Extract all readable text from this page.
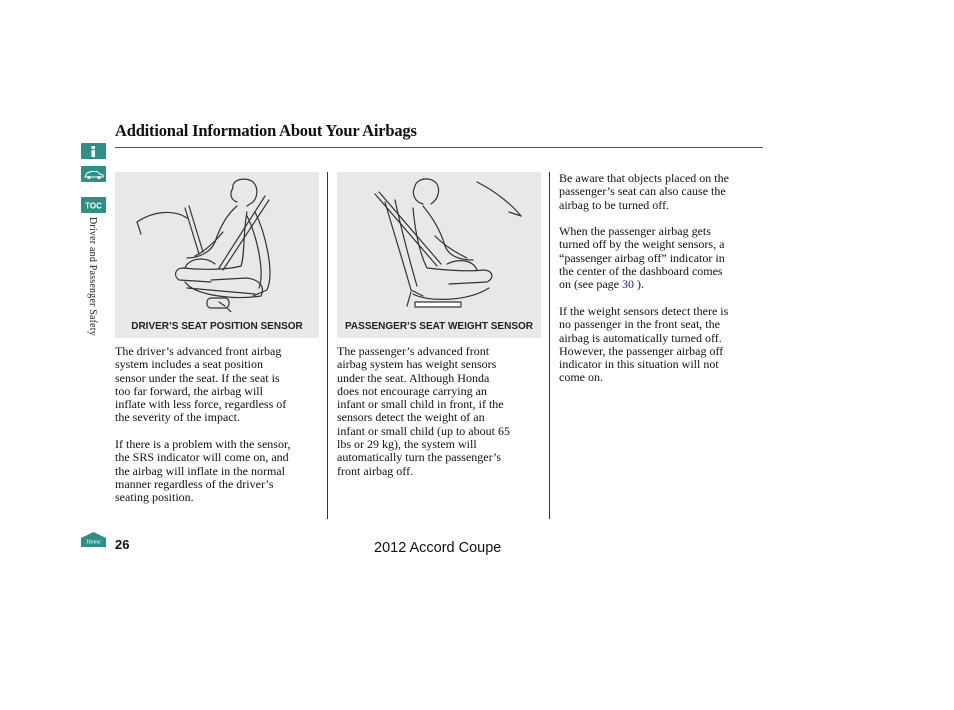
Additional Information About Your Airbags
TOC
Driver and Passenger Safety	DRIVER’S SEAT POSITION SENSOR	PASSENGER’S SEAT WEIGHT SENSOR

The driver’s advanced front airbag
system includes a seat position
sensor under the seat. If the seat is
too far forward, the airbag will
inflate with less force, regardless of
the severity of the impact.

If there is a problem with the sensor,
the SRS indicator will come on, and
the airbag will inflate in the normal
manner regardless of the driver’s
seating position.

The passenger’s advanced front
airbag system has weight sensors
under the seat. Although Honda
does not encourage carrying an
infant or small child in front, if the
sensors detect the weight of an
infant or small child (up to about 65
lbs or 29 kg), the system will
automatically turn the passenger’s
front airbag off.

Be aware that objects placed on the
passenger’s seat can also cause the
airbag to be turned off.

When the passenger airbag gets
turned off by the weight sensors, a
“passenger airbag off” indicator in
the center of the dashboard comes
on (see page 30 ).

If the weight sensors detect there is
no passenger in the front seat, the
airbag is automatically turned off.
However, the passenger airbag off
indicator in this situation will not
come on.

Home 26	2012 Accord Coupe
